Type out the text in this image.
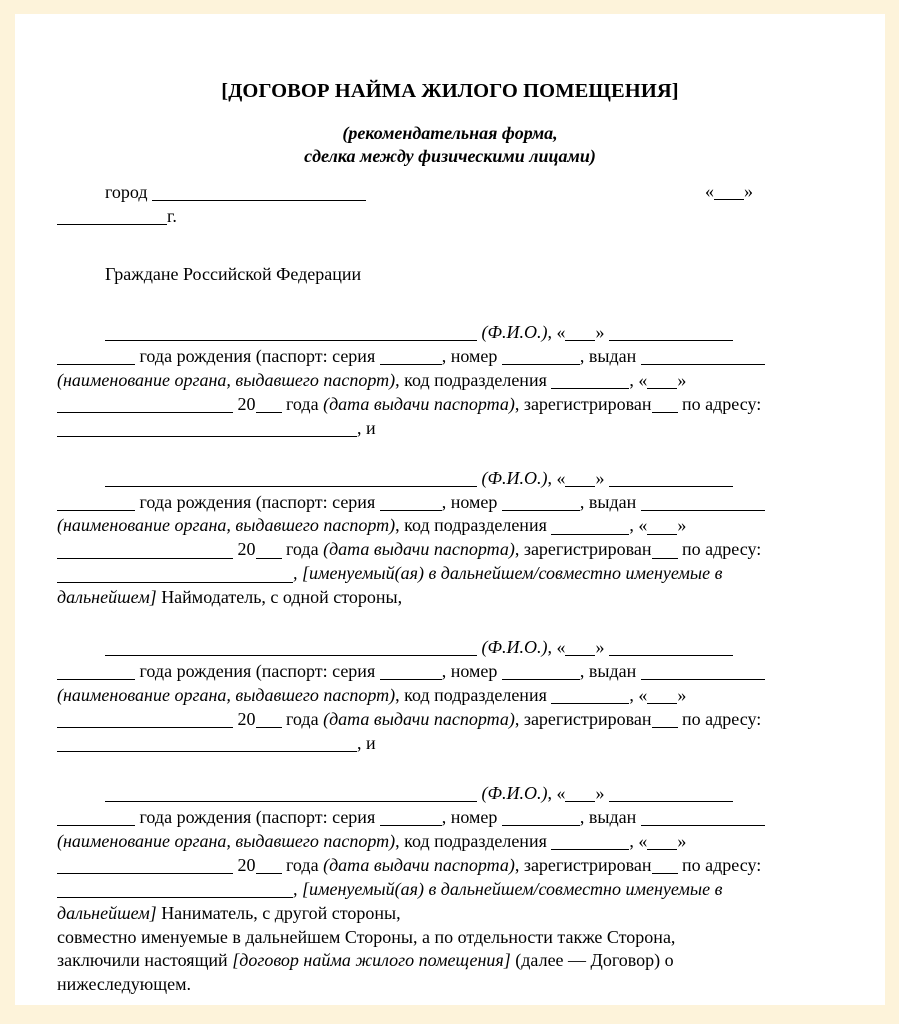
[ДОГОВОР НАЙМА ЖИЛОГО ПОМЕЩЕНИЯ]
(рекомендательная форма,
сделка между физическими лицами)
город	« »
г.
Граждане Российской Федерации
(Ф.И.О.), « »
года рождения (паспорт: серия	, номер	, выдан
(наименование органа, выдавшего паспорт), код подразделения	, « »
20 года (дата выдачи паспорта), зарегистрирован по адресу:
, и
(Ф.И.О.), « »
года рождения (паспорт: серия	, номер	, выдан
(наименование органа, выдавшего паспорт), код подразделения	, « »
20 года (дата выдачи паспорта), зарегистрирован по адресу:
, [именуемый(ая) в дальнейшем/совместно именуемые в
дальнейшем] Наймодатель, с одной стороны,
(Ф.И.О.), « »
года рождения (паспорт: серия	, номер	, выдан
(наименование органа, выдавшего паспорт), код подразделения	, « »
20 года (дата выдачи паспорта), зарегистрирован по адресу:
, и
(Ф.И.О.), « »
года рождения (паспорт: серия	, номер	, выдан
(наименование органа, выдавшего паспорт), код подразделения	, « »
20 года (дата выдачи паспорта), зарегистрирован по адресу:
, [именуемый(ая) в дальнейшем/совместно именуемые в
дальнейшем] Наниматель, с другой стороны,
совместно именуемые в дальнейшем Стороны, а по отдельности также Сторона,
заключили настоящий [договор найма жилого помещения] (далее — Договор) о
нижеследующем.
